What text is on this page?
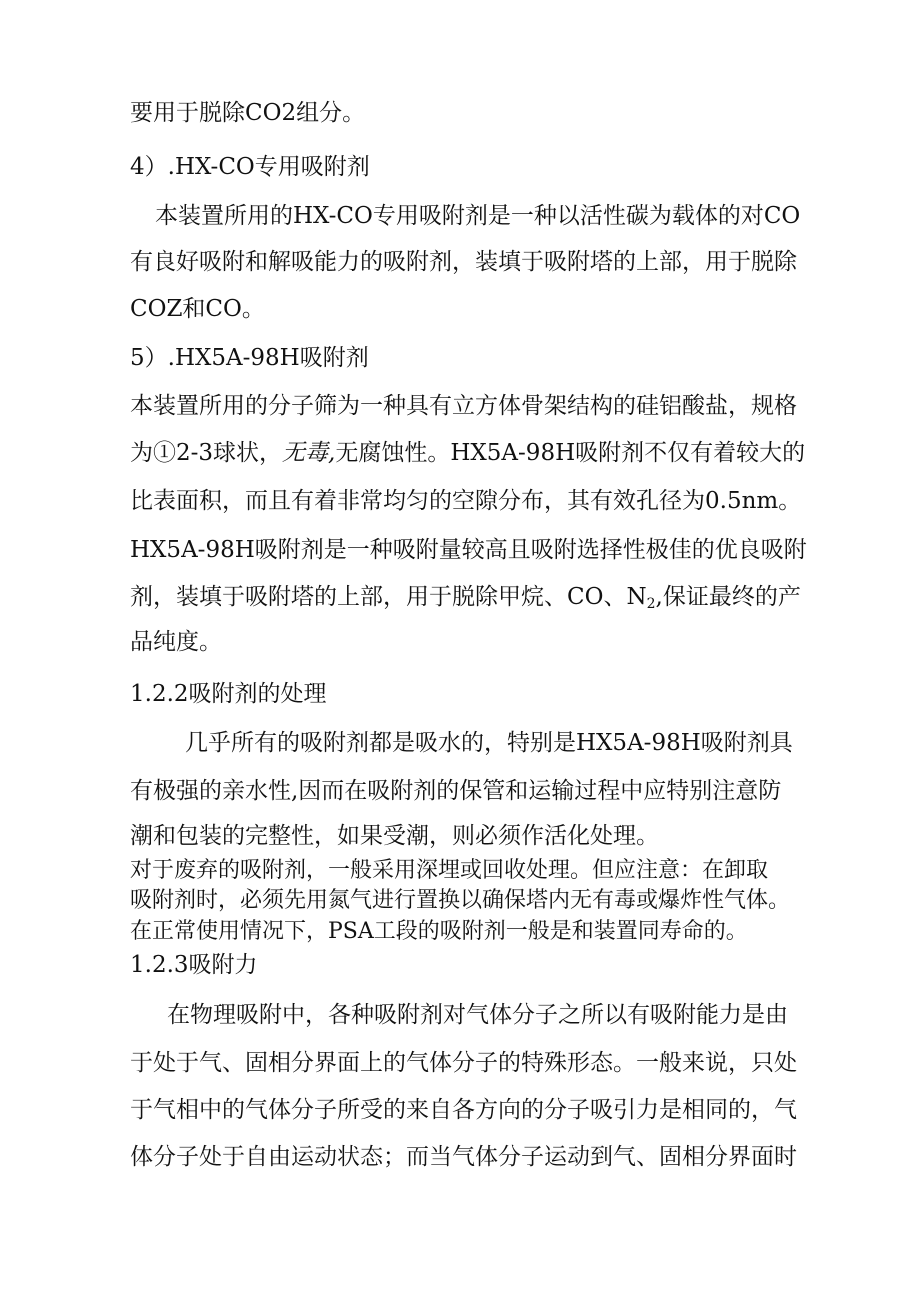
要用于脱除CO2组分。

4）.HX-CO专用吸附剂

本装置所用的HX-CO专用吸附剂是一种以活性碳为载体的对CO

有良好吸附和解吸能力的吸附剂，装填于吸附塔的上部，用于脱除

COZ和CO。

5）.HX5A-98H吸附剂

本装置所用的分子筛为一种具有立方体骨架结构的硅铝酸盐，规格

为①2-3球状，无毒,无腐蚀性。HX5A-98H吸附剂不仅有着较大的

比表面积，而且有着非常均匀的空隙分布，其有效孔径为0.5nm。

HX5A-98H吸附剂是一种吸附量较高且吸附选择性极佳的优良吸附

剂，装填于吸附塔的上部，用于脱除甲烷、CO、$N_2$,保证最终的产

品纯度。

1.2.2吸附剂的处理

几乎所有的吸附剂都是吸水的，特别是HX5A-98H吸附剂具

有极强的亲水性,因而在吸附剂的保管和运输过程中应特别注意防

潮和包装的完整性，如果受潮，则必须作活化处理。

对于废弃的吸附剂，一般采用深埋或回收处理。但应注意：在卸取

吸附剂时，必须先用氮气进行置换以确保塔内无有毒或爆炸性气体。

在正常使用情况下，PSA工段的吸附剂一般是和装置同寿命的。

1.2.3吸附力

在物理吸附中，各种吸附剂对气体分子之所以有吸附能力是由

于处于气、固相分界面上的气体分子的特殊形态。一般来说，只处

于气相中的气体分子所受的来自各方向的分子吸引力是相同的，气

体分子处于自由运动状态；而当气体分子运动到气、固相分界面时
